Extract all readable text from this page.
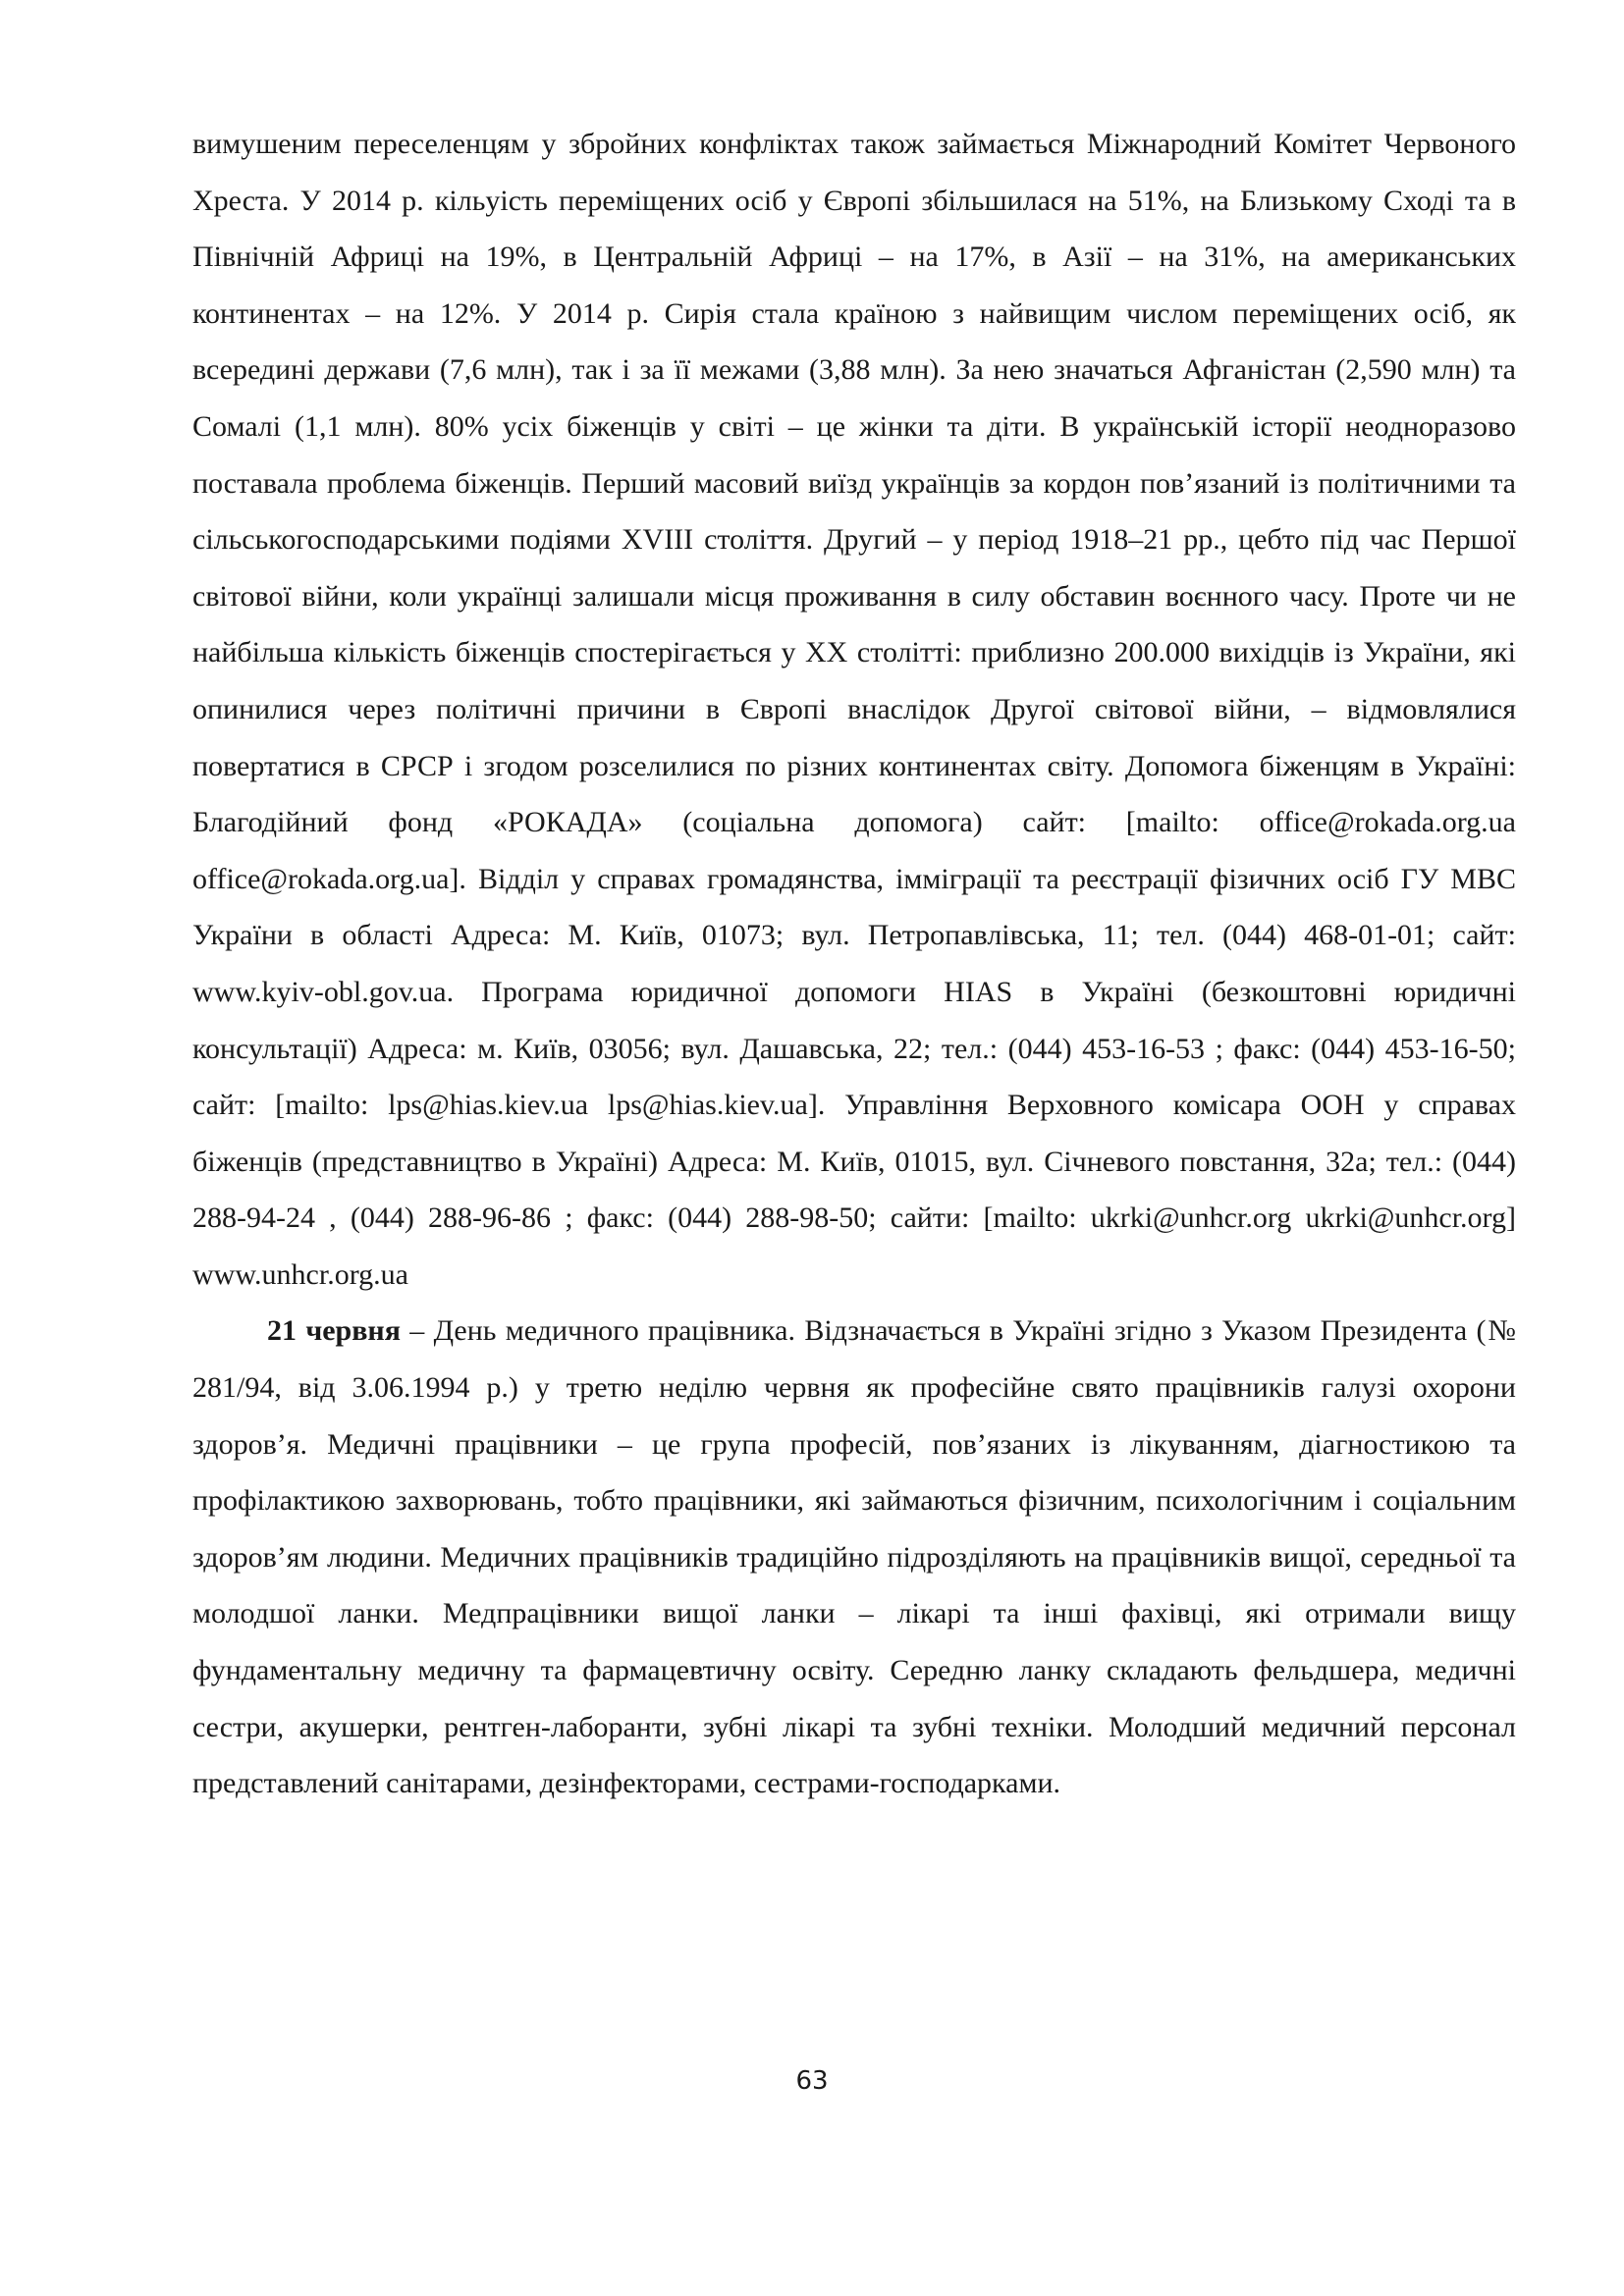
вимушеним переселенцям у збройних конфліктах також займається Міжнародний Комітет Червоного Хреста. У 2014 р. кільуість переміщених осіб у Європі збільшилася на 51%, на Близькому Сході та в Північній Африці на 19%, в Центральній Африці – на 17%, в Азії – на 31%, на американських континентах – на 12%. У 2014 р. Сирія стала країною з найвищим числом переміщених осіб, як всередині держави (7,6 млн), так і за її межами (3,88 млн). За нею значаться Афганістан (2,590 млн) та Сомалі (1,1 млн). 80% усіх біженців у світі – це жінки та діти. В українській історії неодноразово поставала проблема біженців. Перший масовий виїзд українців за кордон пов’язаний із політичними та сільськогосподарськими подіями XVIII століття. Другий – у період 1918–21 рр., цебто під час Першої світової війни, коли українці залишали місця проживання в силу обставин воєнного часу. Проте чи не найбільша кількість біженців спостерігається у ХХ столітті: приблизно 200.000 вихідців із України, які опинилися через політичні причини в Європі внаслідок Другої світової війни, – відмовлялися повертатися в СРСР і згодом розселилися по різних континентах світу. Допомога біженцям в Україні: Благодійний фонд «РОКАДА» (соціальна допомога) сайт: [mailto: office@rokada.org.ua office@rokada.org.ua]. Відділ у справах громадянства, імміграції та реєстрації фізичних осіб ГУ МВС України в області Адреса: М. Київ, 01073; вул. Петропавлівська, 11; тел. (044) 468-01-01; сайт: www.kyiv-obl.gov.ua. Програма юридичної допомоги HIAS в Україні (безкоштовні юридичні консультації) Адреса: м. Київ, 03056; вул. Дашавська, 22; тел.: (044) 453-16-53 ; факс: (044) 453-16-50; сайт: [mailto: lps@hias.kiev.ua lps@hias.kiev.ua]. Управління Верховного комісара ООН у справах біженців (представництво в Україні) Адреса: М. Київ, 01015, вул. Січневого повстання, 32а; тел.: (044) 288-94-24 , (044) 288-96-86 ; факс: (044) 288-98-50; сайти: [mailto: ukrki@unhcr.org ukrki@unhcr.org] www.unhcr.org.ua

21 червня – День медичного працівника. Відзначається в Україні згідно з Указом Президента (№ 281/94, від 3.06.1994 р.) у третю неділю червня як професійне свято працівників галузі охорони здоров’я. Медичні працівники – це група професій, пов’язаних із лікуванням, діагностикою та профілактикою захворювань, тобто працівники, які займаються фізичним, психологічним і соціальним здоров’ям людини. Медичних працівників традиційно підрозділяють на працівників вищої, середньої та молодшої ланки. Медпрацівники вищої ланки – лікарі та інші фахівці, які отримали вищу фундаментальну медичну та фармацевтичну освіту. Середню ланку складають фельдшера, медичні сестри, акушерки, рентген-лаборанти, зубні лікарі та зубні техніки. Молодший медичний персонал представлений санітарами, дезінфекторами, сестрами-господарками.

63
